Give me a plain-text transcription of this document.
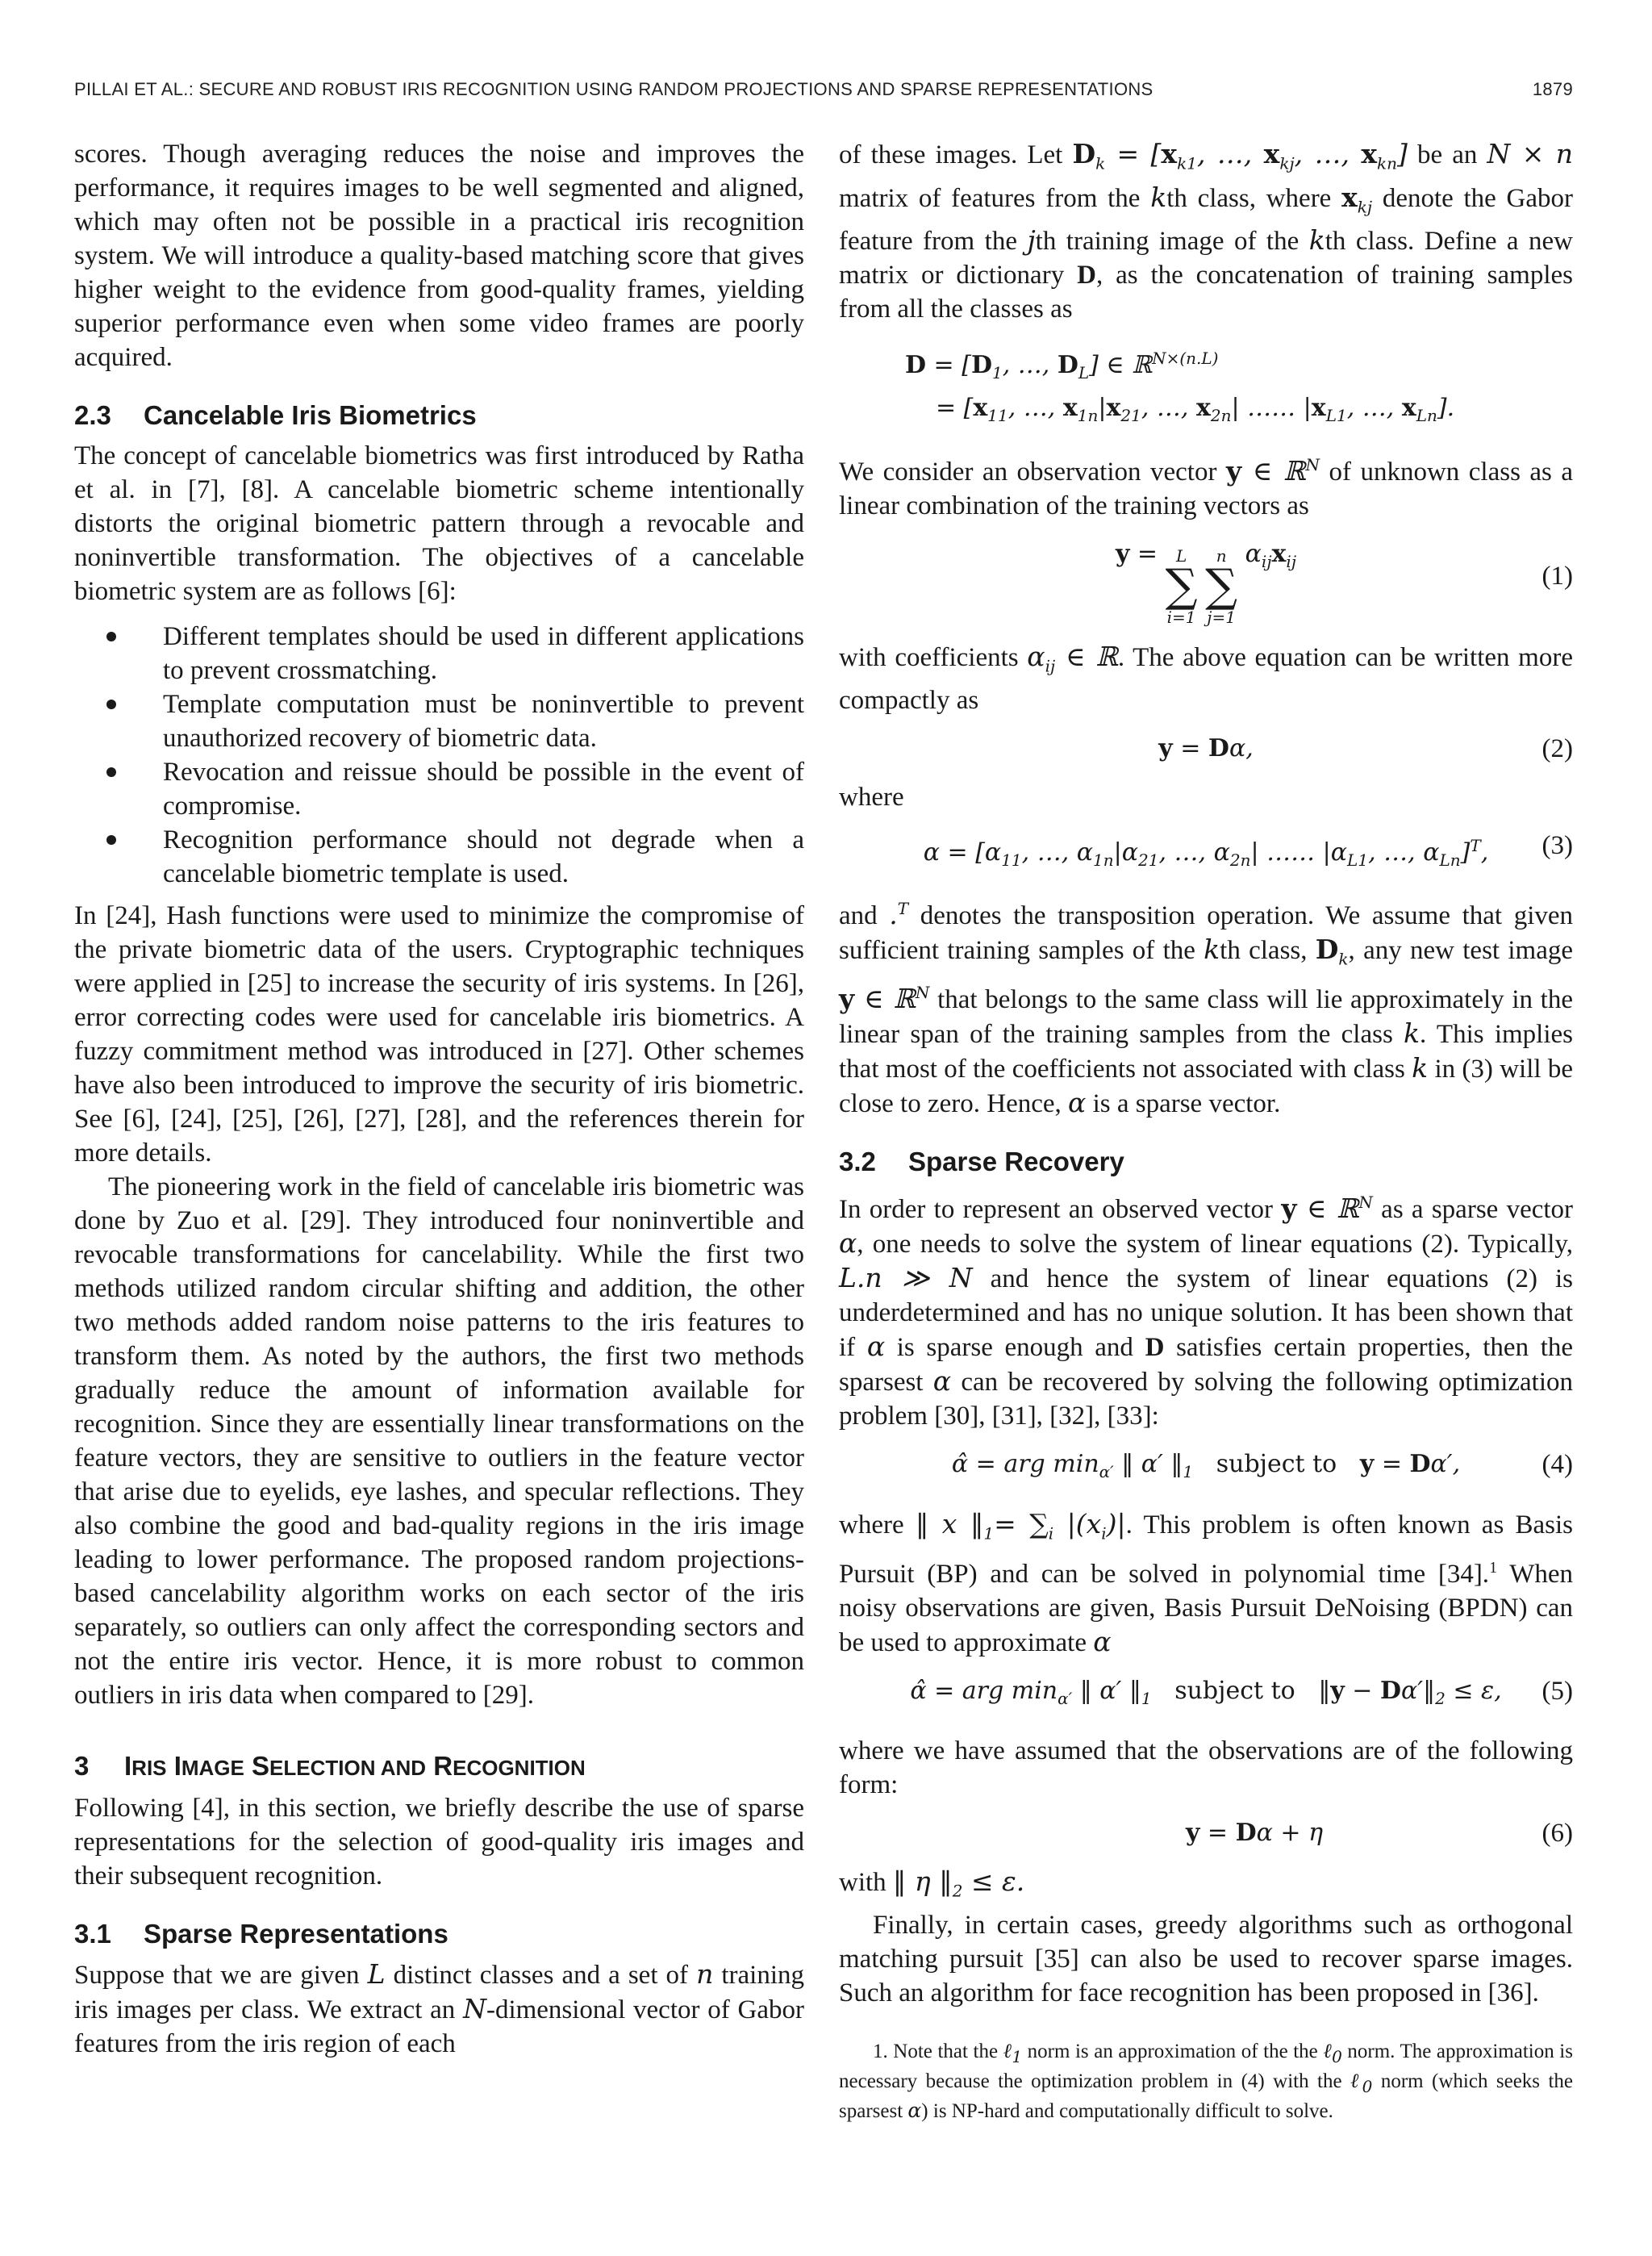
PILLAI ET AL.: SECURE AND ROBUST IRIS RECOGNITION USING RANDOM PROJECTIONS AND SPARSE REPRESENTATIONS	1879

scores. Though averaging reduces the noise and improves the performance, it requires images to be well segmented and aligned, which may often not be possible in a practical iris recognition system. We will introduce a quality-based matching score that gives higher weight to the evidence from good-quality frames, yielding superior performance even when some video frames are poorly acquired.

2.3 Cancelable Iris Biometrics

The concept of cancelable biometrics was first introduced by Ratha et al. in [7], [8]. A cancelable biometric scheme intentionally distorts the original biometric pattern through a revocable and noninvertible transformation. The objectives of a cancelable biometric system are as follows [6]:

Different templates should be used in different applications to prevent crossmatching.
Template computation must be noninvertible to prevent unauthorized recovery of biometric data.
Revocation and reissue should be possible in the event of compromise.
Recognition performance should not degrade when a cancelable biometric template is used.

In [24], Hash functions were used to minimize the compromise of the private biometric data of the users. Cryptographic techniques were applied in [25] to increase the security of iris systems. In [26], error correcting codes were used for cancelable iris biometrics. A fuzzy commitment method was introduced in [27]. Other schemes have also been introduced to improve the security of iris biometric. See [6], [24], [25], [26], [27], [28], and the references therein for more details.

The pioneering work in the field of cancelable iris biometric was done by Zuo et al. [29]. They introduced four noninvertible and revocable transformations for cancelability. While the first two methods utilized random circular shifting and addition, the other two methods added random noise patterns to the iris features to transform them. As noted by the authors, the first two methods gradually reduce the amount of information available for recognition. Since they are essentially linear transformations on the feature vectors, they are sensitive to outliers in the feature vector that arise due to eyelids, eye lashes, and specular reflections. They also combine the good and bad-quality regions in the iris image leading to lower performance. The proposed random projections-based cancelability algorithm works on each sector of the iris separately, so outliers can only affect the corresponding sectors and not the entire iris vector. Hence, it is more robust to common outliers in iris data when compared to [29].

3 IRIS IMAGE SELECTION AND RECOGNITION

Following [4], in this section, we briefly describe the use of sparse representations for the selection of good-quality iris images and their subsequent recognition.

3.1 Sparse Representations

Suppose that we are given L distinct classes and a set of n training iris images per class. We extract an N-dimensional vector of Gabor features from the iris region of each

of these images. Let $D_k = [x_{k1}$, …, $x_{kj}$, …, $x_{kn}$] be an N × n matrix of features from the kth class, where $x_{kj}$ denote the Gabor feature from the jth training image of the kth class. Define a new matrix or dictionary D, as the concatenation of training samples from all the classes as

$D = [D_1$, …, $D_L$] ∈ ℝ$^{N\times(n.L)}$
= [$x_{11}$, …, $x_{1n}|x_{21}$, …, $x_{2n}|$ …… $|x_{L1}$, …, $x_{Ln}$].

We consider an observation vector y ∈ ℝ$^N$ of unknown class as a linear combination of the training vectors as

y = L
∑
i=1

n
∑
j=1
$\alpha_{ij}x_{ij}$	(1)

with coefficients $\alpha_{ij}$ ∈ ℝ. The above equation can be written more compactly as

y = Dα,	(2)

where

$\alpha = [\alpha_{11}$, …, $\alpha_{1n}|\alpha_{21}$, …, $\alpha_{2n}|$ …… $|\alpha_{L1}$, …, $\alpha_{Ln}]^T$, (3)

and .$^T$ denotes the transposition operation. We assume that given sufficient training samples of the kth class, $D_k$, any new test image y ∈ ℝ$^N$ that belongs to the same class will lie approximately in the linear span of the training samples from the class k. This implies that most of the coefficients not associated with class k in (3) will be close to zero. Hence, α is a sparse vector.

3.2 Sparse Recovery

In order to represent an observed vector y ∈ ℝ$^N$ as a sparse vector α, one needs to solve the system of linear equations (2). Typically, L.n ≫ N and hence the system of linear equations (2) is underdetermined and has no unique solution. It has been shown that if α is sparse enough and D satisfies certain properties, then the sparsest α can be recovered by solving the following optimization problem [30], [31], [32], [33]:

α̂ = arg $\min_{\alpha'}$ ‖ α′ $‖_1$ subject to y = Dα′,	(4)

where ‖ x $‖_1= \sum_i$ $|(x_i)|$. This problem is often known as Basis Pursuit (BP) and can be solved in polynomial time [34].$^1$ When noisy observations are given, Basis Pursuit DeNoising (BPDN) can be used to approximate α

α̂ = arg $\min_{\alpha'}$ ‖ α′ $‖_1$ subject to   ‖y − $D\alpha'‖_2 \le \varepsilon$, (5)

where we have assumed that the observations are of the following form:

y = Dα + η	(6)

with ‖ η $‖_2 \le \varepsilon$.

Finally, in certain cases, greedy algorithms such as orthogonal matching pursuit [35] can also be used to recover sparse images. Such an algorithm for face recognition has been proposed in [36].

1. Note that the ℓ$_1$ norm is an approximation of the the ℓ$_0$ norm. The approximation is necessary because the optimization problem in (4) with the ℓ$_0$ norm (which seeks the sparsest α) is NP-hard and computationally difficult to solve.
